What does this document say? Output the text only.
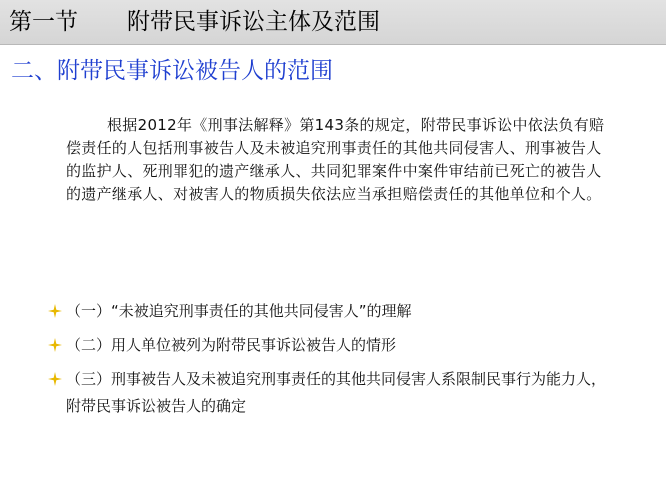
第一节 附带民事诉讼主体及范围
二、附带民事诉讼被告人的范围

根据2012年《刑事法解释》第143条的规定，附带民事诉讼中依法负有赔偿责任的人包括刑事被告人及未被追究刑事责任的其他共同侵害人、刑事被告人的监护人、死刑罪犯的遗产继承人、共同犯罪案件中案件审结前已死亡的被告人的遗产继承人、对被害人的物质损失依法应当承担赔偿责任的其他单位和个人。

（一）“未被追究刑事责任的其他共同侵害人”的理解
（二）用人单位被列为附带民事诉讼被告人的情形
（三）刑事被告人及未被追究刑事责任的其他共同侵害人系限制民事行为能力人，附带民事诉讼被告人的确定
